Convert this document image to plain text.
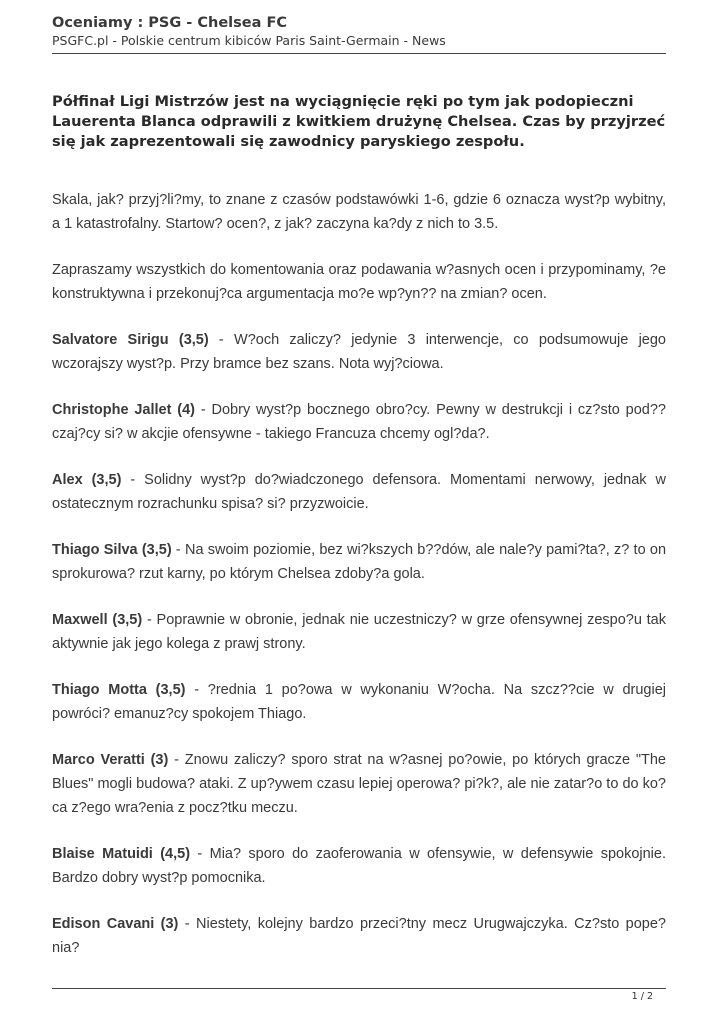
Oceniamy : PSG - Chelsea FC

PSGFC.pl - Polskie centrum kibiców Paris Saint-Germain - News

Półfinał Ligi Mistrzów jest na wyciągnięcie ręki po tym jak podopieczni Lauerenta Blanca odprawili z kwitkiem drużynę Chelsea. Czas by przyjrzeć się jak zaprezentowali się zawodnicy paryskiego zespołu.

Skala, jak? przyj?li?my, to znane z czasów podstawówki 1-6, gdzie 6 oznacza wyst?p wybitny, a 1 katastrofalny. Startow? ocen?, z jak? zaczyna ka?dy z nich to 3.5.

Zapraszamy wszystkich do komentowania oraz podawania w?asnych ocen i przypominamy, ?e konstruktywna i przekonuj?ca argumentacja mo?e wp?yn?? na zmian? ocen.

Salvatore Sirigu (3,5) - W?och zaliczy? jedynie 3 interwencje, co podsumowuje jego wczorajszy wyst?p. Przy bramce bez szans. Nota wyj?ciowa.

Christophe Jallet (4) - Dobry wyst?p bocznego obro?cy. Pewny w destrukcji i cz?sto pod??czaj?cy si? w akcjie ofensywne - takiego Francuza chcemy ogl?da?.

Alex (3,5) - Solidny wyst?p do?wiadczonego defensora. Momentami nerwowy, jednak w ostatecznym rozrachunku spisa? si? przyzwoicie.

Thiago Silva (3,5) - Na swoim poziomie, bez wi?kszych b??dów, ale nale?y pami?ta?, z? to on sprokurowa? rzut karny, po którym Chelsea zdoby?a gola.

Maxwell (3,5) - Poprawnie w obronie, jednak nie uczestniczy? w grze ofensywnej zespo?u tak aktywnie jak jego kolega z prawj strony.

Thiago Motta (3,5) - ?rednia 1 po?owa w wykonaniu W?ocha. Na szcz??cie w drugiej powróci? emanuz?cy spokojem Thiago.

Marco Veratti (3) - Znowu zaliczy? sporo strat na w?asnej po?owie, po których gracze "The Blues" mogli budowa? ataki. Z up?ywem czasu lepiej operowa? pi?k?, ale nie zatar?o to do ko?ca z?ego wra?enia z pocz?tku meczu.

Blaise Matuidi (4,5) - Mia? sporo do zaoferowania w ofensywie, w defensywie spokojnie. Bardzo dobry wyst?p pomocnika.

Edison Cavani (3) - Niestety, kolejny bardzo przeci?tny mecz Urugwajczyka. Cz?sto pope?nia?

1 / 2
